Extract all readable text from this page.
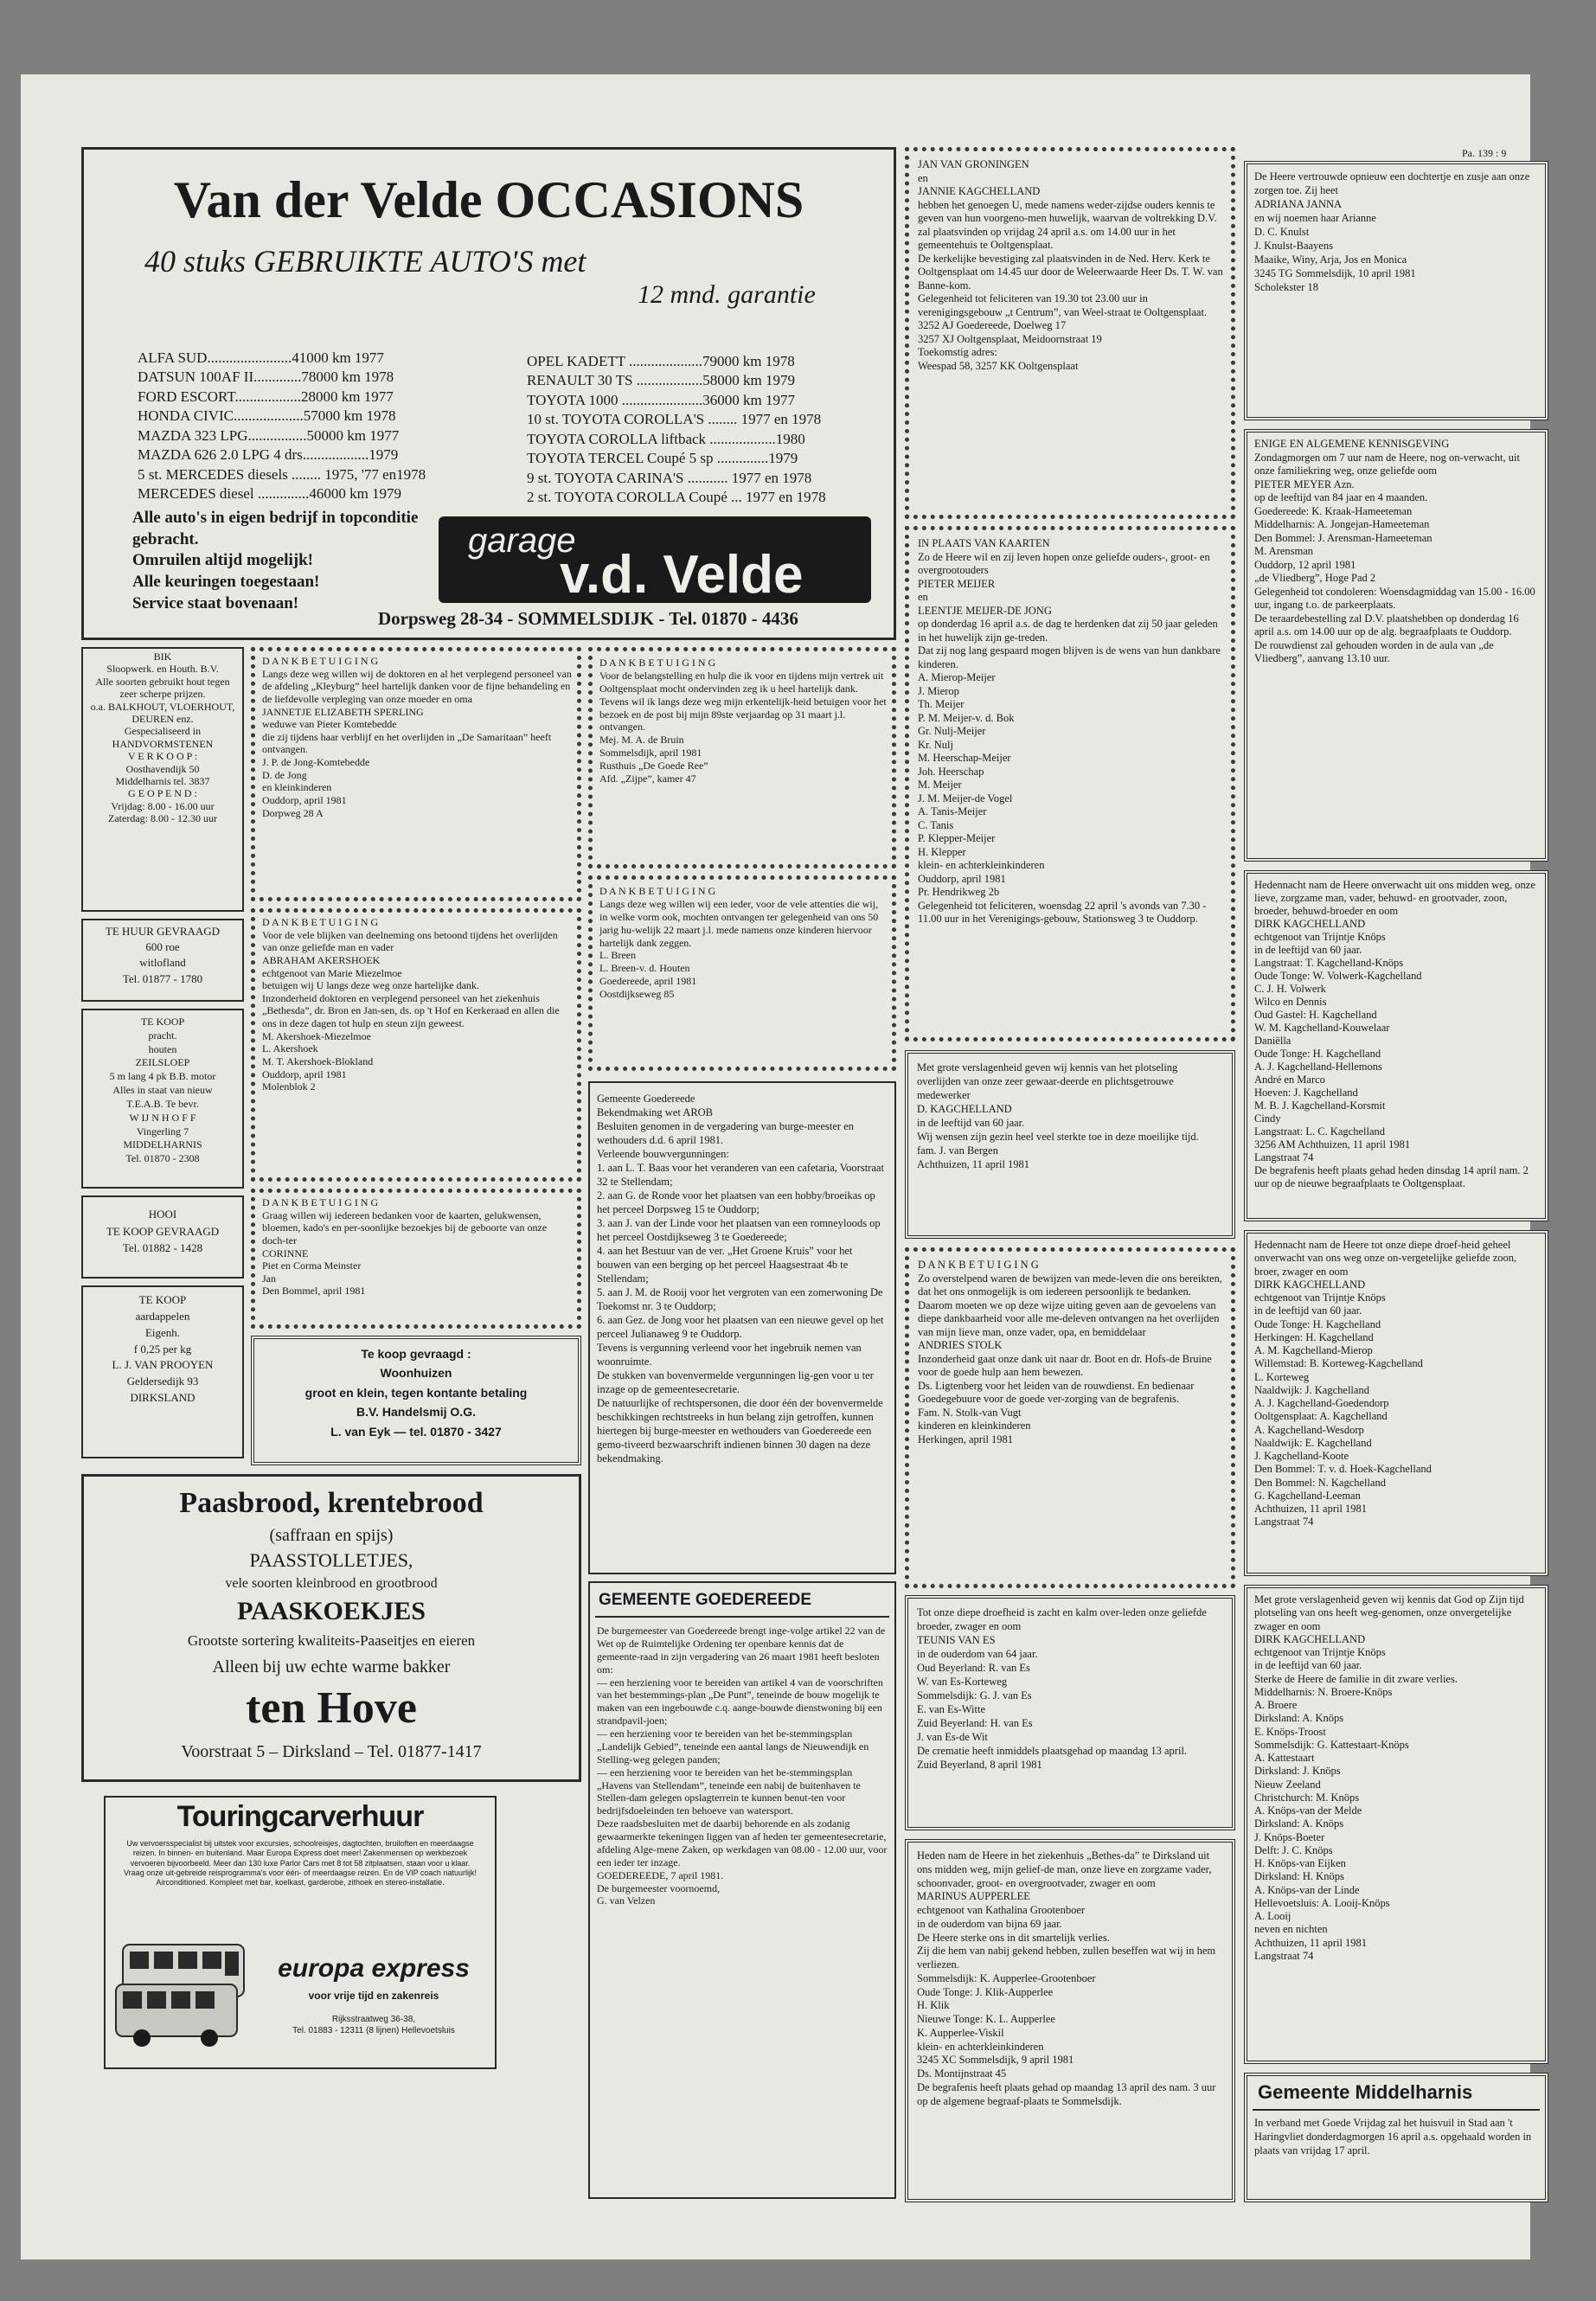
Van der Velde OCCASIONS
40 stuks GEBRUIKTE AUTO'S met
12 mnd. garantie
ALFA SUD.......................41000 km 1977
DATSUN 100AF II.............78000 km 1978
FORD ESCORT..................28000 km 1977
HONDA CIVIC...................57000 km 1978
MAZDA 323 LPG................50000 km 1977
MAZDA 626 2.0 LPG 4 drs..................1979
5 st. MERCEDES diesels ........ 1975, '77 en1978
MERCEDES diesel ..............46000 km 1979
OPEL KADETT ....................79000 km 1978
RENAULT 30 TS ..................58000 km 1979
TOYOTA 1000 ......................36000 km 1977
10 st. TOYOTA COROLLA'S ........ 1977 en 1978
TOYOTA COROLLA liftback ..................1980
TOYOTA TERCEL Coupé 5 sp ..............1979
9 st. TOYOTA CARINA'S ........... 1977 en 1978
2 st. TOYOTA COROLLA Coupé ... 1977 en 1978
Alle auto's in eigen bedrijf in topconditie gebracht.
Omruilen altijd mogelijk!
Alle keuringen toegestaan!
Service staat bovenaan!
garage
v.d. Velde
Dorpsweg 28-34 - SOMMELSDIJK - Tel. 01870 - 4436
BIK
Sloopwerk. en Houth. B.V.
Alle soorten gebruikt hout tegen zeer scherpe prijzen.
o.a. BALKHOUT, VLOERHOUT, DEUREN enz.
Gespecialiseerd in HANDVORMSTENEN
V E R K O O P :
Oosthavendijk 50
Middelharnis tel. 3837
G E O P E N D :
Vrijdag: 8.00 - 16.00 uur
Zaterdag: 8.00 - 12.30 uur
TE HUUR GEVRAAGD
600 roe
witlofland
Tel. 01877 - 1780
TE KOOP
pracht.
houten
ZEILSLOEP
5 m lang 4 pk B.B. motor
Alles in staat van nieuw
T.E.A.B. Te bevr.
W IJ N H O F F
Vingerling 7
MIDDELHARNIS
Tel. 01870 - 2308
HOOI
TE KOOP GEVRAAGD
Tel. 01882 - 1428
TE KOOP
aardappelen
Eigenh.
f 0,25 per kg
L. J. VAN PROOYEN
Geldersedijk 93
DIRKSLAND
D A N K B E T U I G I N G
Langs deze weg willen wij de doktoren en al het verplegend personeel van de afdeling „Kleyburg” heel hartelijk danken voor de fijne behandeling en de liefdevolle verpleging van onze moeder en oma
JANNETJE ELIZABETH SPERLING
weduwe van Pieter Komtebedde
die zij tijdens haar verblijf en het overlijden in „De Samaritaan” heeft ontvangen.
J. P. de Jong-Komtebedde
D. de Jong
en kleinkinderen
Ouddorp, april 1981
Dorpweg 28 A
D A N K B E T U I G I N G
Voor de vele blijken van deelneming ons betoond tijdens het overlijden van onze geliefde man en vader
ABRAHAM AKERSHOEK
echtgenoot van Marie Miezelmoe
betuigen wij U langs deze weg onze hartelijke dank.
Inzonderheid doktoren en verplegend personeel van het ziekenhuis „Bethesda”, dr. Bron en Jan-sen, ds. op 't Hof en Kerkeraad en allen die ons in deze dagen tot hulp en steun zijn geweest.
M. Akershoek-Miezelmoe
L. Akershoek
M. T. Akershoek-Blokland
Ouddorp, april 1981
Molenblok 2
D A N K B E T U I G I N G
Graag willen wij iedereen bedanken voor de kaarten, gelukwensen, bloemen, kado's en per-soonlijke bezoekjes bij de geboorte van onze doch-ter
CORINNE
Piet en Corma Meinster
Jan
Den Bommel, april 1981
Te koop gevraagd :
Woonhuizen
groot en klein, tegen kontante betaling
B.V. Handelsmij O.G.
L. van Eyk — tel. 01870 - 3427
D A N K B E T U I G I N G
Voor de belangstelling en hulp die ik voor en tijdens mijn vertrek uit Ooltgensplaat mocht ondervinden zeg ik u heel hartelijk dank.
Tevens wil ik langs deze weg mijn erkentelijk-heid betuigen voor het bezoek en de post bij mijn 89ste verjaardag op 31 maart j.l. ontvangen.
Mej. M. A. de Bruin
Sommelsdijk, april 1981
Rusthuis „De Goede Ree”
Afd. „Zijpe”, kamer 47
D A N K B E T U I G I N G
Langs deze weg willen wij een ieder, voor de vele attenties die wij, in welke vorm ook, mochten ontvangen ter gelegenheid van ons 50 jarig hu-welijk 22 maart j.l. mede namens onze kinderen hiervoor hartelijk dank zeggen.
L. Breen
L. Breen-v. d. Houten
Goedereede, april 1981
Oostdijkseweg 85
Gemeente Goedereede
Bekendmaking wet AROB
Besluiten genomen in de vergadering van burge-meester en wethouders d.d. 6 april 1981.
Verleende bouwvergunningen:
1. aan L. T. Baas voor het veranderen van een cafetaria, Voorstraat 32 te Stellendam;
2. aan G. de Ronde voor het plaatsen van een hobby/broeikas op het perceel Dorpsweg 15 te Ouddorp;
3. aan J. van der Linde voor het plaatsen van een romneyloods op het perceel Oostdijkseweg 3 te Goedereede;
4. aan het Bestuur van de ver. „Het Groene Kruis” voor het bouwen van een berging op het perceel Haagsestraat 4b te Stellendam;
5. aan J. M. de Rooij voor het vergroten van een zomerwoning De Toekomst nr. 3 te Ouddorp;
6. aan Gez. de Jong voor het plaatsen van een nieuwe gevel op het perceel Julianaweg 9 te Ouddorp.
Tevens is vergunning verleend voor het ingebruik nemen van woonruimte.
De stukken van bovenvermelde vergunningen lig-gen voor u ter inzage op de gemeentesecretarie.
De natuurlijke of rechtspersonen, die door één der bovenvermelde beschikkingen rechtstreeks in hun belang zijn getroffen, kunnen hiertegen bij burge-meester en wethouders van Goedereede een gemo-tiveerd bezwaarschrift indienen binnen 30 dagen na deze bekendmaking.
GEMEENTE GOEDEREEDE
De burgemeester van Goedereede brengt inge-volge artikel 22 van de Wet op de Ruimtelijke Ordening ter openbare kennis dat de gemeente-raad in zijn vergadering van 26 maart 1981 heeft besloten om:
— een herziening voor te bereiden van artikel 4 van de voorschriften van het bestemmings-plan „De Punt”, teneinde de bouw mogelijk te maken van een ingebouwde c.q. aange-bouwde dienstwoning bij een strandpavil-joen;
— een herziening voor te bereiden van het be-stemmingsplan „Landelijk Gebied”, teneinde een aantal langs de Nieuwendijk en Stelling-weg gelegen panden;
— een herziening voor te bereiden van het be-stemmingsplan „Havens van Stellendam”, teneinde een nabij de buitenhaven te Stellen-dam gelegen opslagterrein te kunnen benut-ten voor bedrijfsdoeleinden ten behoeve van watersport.
Deze raadsbesluiten met de daarbij behorende en als zodanig gewaarmerkte tekeningen liggen van af heden ter gemeentesecretarie, afdeling Alge-mene Zaken, op werkdagen van 08.00 - 12.00 uur, voor een ieder ter inzage.
GOEDEREEDE, 7 april 1981.
De burgemeester voornoemd,
G. van Velzen
Paasbrood, krentebrood
(saffraan en spijs)
PAASSTOLLETJES,
vele soorten kleinbrood en grootbrood
PAASKOEKJES
Grootste sortering kwaliteits-Paaseitjes en eieren
Alleen bij uw echte warme bakker
ten Hove
Voorstraat 5 – Dirksland – Tel. 01877-1417
Touringcarverhuur
Uw vervoersspecialist bij uitstek voor excursies, schoolreisjes, dagtochten, bruiloften en meerdaagse reizen. In binnen- en buitenland. Maar Europa Express doet meer! Zakenmensen op werkbezoek vervoeren bijvoorbeeld. Meer dan 130 luxe Parlor Cars met 8 tot 58 zitplaatsen, staan voor u klaar. Vraag onze uit-gebreide reisprogramma's voor één- of meerdaagse reizen. En de VIP coach natuurlijk! Airconditioned. Kompleet met bar, koelkast, garderobe, zithoek en stereo-installatie.
europa express
voor vrije tijd en zakenreis
Rijksstraatweg 36-38,
Tel. 01883 - 12311 (8 lijnen) Hellevoetsluis
JAN VAN GRONINGEN
en
JANNIE KAGCHELLAND
hebben het genoegen U, mede namens weder-zijdse ouders kennis te geven van hun voorgeno-men huwelijk, waarvan de voltrekking D.V. zal plaatsvinden op vrijdag 24 april a.s. om 14.00 uur in het gemeentehuis te Ooltgensplaat.
De kerkelijke bevestiging zal plaatsvinden in de Ned. Herv. Kerk te Ooltgensplaat om 14.45 uur door de Weleerwaarde Heer Ds. T. W. van Banne-kom.
Gelegenheid tot feliciteren van 19.30 tot 23.00 uur in verenigingsgebouw „t Centrum”, van Weel-straat te Ooltgensplaat.
3252 AJ Goedereede, Doelweg 17
3257 XJ Ooltgensplaat, Meidoornstraat 19
Toekomstig adres:
Weespad 58, 3257 KK Ooltgensplaat
IN PLAATS VAN KAARTEN
Zo de Heere wil en zij leven hopen onze geliefde ouders-, groot- en overgrootouders
PIETER MEIJER
en
LEENTJE MEIJER-DE JONG
op donderdag 16 april a.s. de dag te herdenken dat zij 50 jaar geleden in het huwelijk zijn ge-treden.
Dat zij nog lang gespaard mogen blijven is de wens van hun dankbare kinderen.
A. Mierop-Meijer
J. Mierop
Th. Meijer
P. M. Meijer-v. d. Bok
Gr. Nulj-Meijer
Kr. Nulj
M. Heerschap-Meijer
Joh. Heerschap
M. Meijer
J. M. Meijer-de Vogel
A. Tanis-Meijer
C. Tanis
P. Klepper-Meijer
H. Klepper
klein- en achterkleinkinderen
Ouddorp, april 1981
Pr. Hendrikweg 2b
Gelegenheid tot feliciteren, woensdag 22 april 's avonds van 7.30 - 11.00 uur in het Verenigings-gebouw, Stationsweg 3 te Ouddorp.
Met grote verslagenheid geven wij kennis van het plotseling overlijden van onze zeer gewaar-deerde en plichtsgetrouwe medewerker
D. KAGCHELLAND
in de leeftijd van 60 jaar.
Wij wensen zijn gezin heel veel sterkte toe in deze moeilijke tijd.
fam. J. van Bergen
Achthuizen, 11 april 1981
D A N K B E T U I G I N G
Zo overstelpend waren de bewijzen van mede-leven die ons bereikten, dat het ons onmogelijk is om iedereen persoonlijk te bedanken. Daarom moeten we op deze wijze uiting geven aan de gevoelens van diepe dankbaarheid voor alle me-deleven ontvangen na het overlijden van mijn lieve man, onze vader, opa, en bemiddelaar
ANDRIES STOLK
Inzonderheid gaat onze dank uit naar dr. Boot en dr. Hofs-de Bruine voor de goede hulp aan hem bewezen.
Ds. Ligtenberg voor het leiden van de rouwdienst. En bedienaar Goedegebuure voor de goede ver-zorging van de begrafenis.
Fam. N. Stolk-van Vugt
kinderen en kleinkinderen
Herkingen, april 1981
Tot onze diepe droefheid is zacht en kalm over-leden onze geliefde broeder, zwager en oom
TEUNIS VAN ES
in de ouderdom van 64 jaar.
Oud Beyerland: R. van Es
W. van Es-Korteweg
Sommelsdijk: G. J. van Es
E. van Es-Witte
Zuid Beyerland: H. van Es
J. van Es-de Wit
De crematie heeft inmiddels plaatsgehad op maandag 13 april.
Zuid Beyerland, 8 april 1981
Heden nam de Heere in het ziekenhuis „Bethes-da” te Dirksland uit ons midden weg, mijn gelief-de man, onze lieve en zorgzame vader, schoonvader, groot- en overgrootvader, zwager en oom
MARINUS AUPPERLEE
echtgenoot van Kathalina Grootenboer
in de ouderdom van bijna 69 jaar.
De Heere sterke ons in dit smartelijk verlies.
Zij die hem van nabij gekend hebben, zullen beseffen wat wij in hem verliezen.
Sommelsdijk: K. Aupperlee-Grootenboer
Oude Tonge: J. Klik-Aupperlee
H. Klik
Nieuwe Tonge: K. L. Aupperlee
K. Aupperlee-Viskil
klein- en achterkleinkinderen
3245 XC Sommelsdijk, 9 april 1981
Ds. Montijnstraat 45
De begrafenis heeft plaats gehad op maandag 13 april des nam. 3 uur op de algemene begraaf-plaats te Sommelsdijk.
Pa. 139 : 9
De Heere vertrouwde opnieuw een dochtertje en zusje aan onze zorgen toe. Zij heet
ADRIANA JANNA
en wij noemen haar Arianne
D. C. Knulst
J. Knulst-Baayens
Maaike, Winy, Arja, Jos en Monica
3245 TG Sommelsdijk, 10 april 1981
Scholekster 18
ENIGE EN ALGEMENE KENNISGEVING
Zondagmorgen om 7 uur nam de Heere, nog on-verwacht, uit onze familiekring weg, onze geliefde oom
PIETER MEYER Azn.
op de leeftijd van 84 jaar en 4 maanden.
Goedereede: K. Kraak-Hameeteman
Middelharnis: A. Jongejan-Hameeteman
Den Bommel: J. Arensman-Hameeteman
M. Arensman
Ouddorp, 12 april 1981
„de Vliedberg”, Hoge Pad 2
Gelegenheid tot condoleren: Woensdagmiddag van 15.00 - 16.00 uur, ingang t.o. de parkeerplaats.
De teraardebestelling zal D.V. plaatshebben op donderdag 16 april a.s. om 14.00 uur op de alg. begraafplaats te Ouddorp.
De rouwdienst zal gehouden worden in de aula van „de Vliedberg”, aanvang 13.10 uur.
Hedennacht nam de Heere onverwacht uit ons midden weg, onze lieve, zorgzame man, vader, behuwd- en grootvader, zoon, broeder, behuwd-broeder en oom
DIRK KAGCHELLAND
echtgenoot van Trijntje Knöps
in de leeftijd van 60 jaar.
Langstraat: T. Kagchelland-Knöps
Oude Tonge: W. Volwerk-Kagchelland
C. J. H. Volwerk
Wilco en Dennis
Oud Gastel: H. Kagchelland
W. M. Kagchelland-Kouwelaar
Daniëlla
Oude Tonge: H. Kagchelland
A. J. Kagchelland-Hellemons
André en Marco
Hoeven: J. Kagchelland
M. B. J. Kagchelland-Korsmit
Cindy
Langstraat: L. C. Kagchelland
3256 AM Achthuizen, 11 april 1981
Langstraat 74
De begrafenis heeft plaats gehad heden dinsdag 14 april nam. 2 uur op de nieuwe begraafplaats te Ooltgensplaat.
Hedennacht nam de Heere tot onze diepe droef-heid geheel onverwacht van ons weg onze on-vergetelijke geliefde zoon, broer, zwager en oom
DIRK KAGCHELLAND
echtgenoot van Trijntje Knöps
in de leeftijd van 60 jaar.
Oude Tonge: H. Kagchelland
Herkingen: H. Kagchelland
A. M. Kagchelland-Mierop
Willemstad: B. Korteweg-Kagchelland
L. Korteweg
Naaldwijk: J. Kagchelland
A. J. Kagchelland-Goedendorp
Ooltgensplaat: A. Kagchelland
A. Kagchelland-Wesdorp
Naaldwijk: E. Kagchelland
J. Kagchelland-Koote
Den Bommel: T. v. d. Hoek-Kagchelland
Den Bommel: N. Kagchelland
G. Kagchelland-Leeman
Achthuizen, 11 april 1981
Langstraat 74
Met grote verslagenheid geven wij kennis dat God op Zijn tijd plotseling van ons heeft weg-genomen, onze onvergetelijke zwager en oom
DIRK KAGCHELLAND
echtgenoot van Trijntje Knöps
in de leeftijd van 60 jaar.
Sterke de Heere de familie in dit zware verlies.
Middelharnis: N. Broere-Knöps
A. Broere
Dirksland: A. Knöps
E. Knöps-Troost
Sommelsdijk: G. Kattestaart-Knöps
A. Kattestaart
Dirksland: J. Knöps
Nieuw Zeeland
Christchurch: M. Knöps
A. Knöps-van der Melde
Dirksland: A. Knöps
J. Knöps-Boeter
Delft: J. C. Knöps
H. Knöps-van Eijken
Dirksland: H. Knöps
A. Knöps-van der Linde
Hellevoetsluis: A. Looij-Knöps
A. Looij
neven en nichten
Achthuizen, 11 april 1981
Langstraat 74
Gemeente Middelharnis
In verband met Goede Vrijdag zal het huisvuil in Stad aan 't Haringvliet donderdagmorgen 16 april a.s. opgehaald worden in plaats van vrijdag 17 april.
